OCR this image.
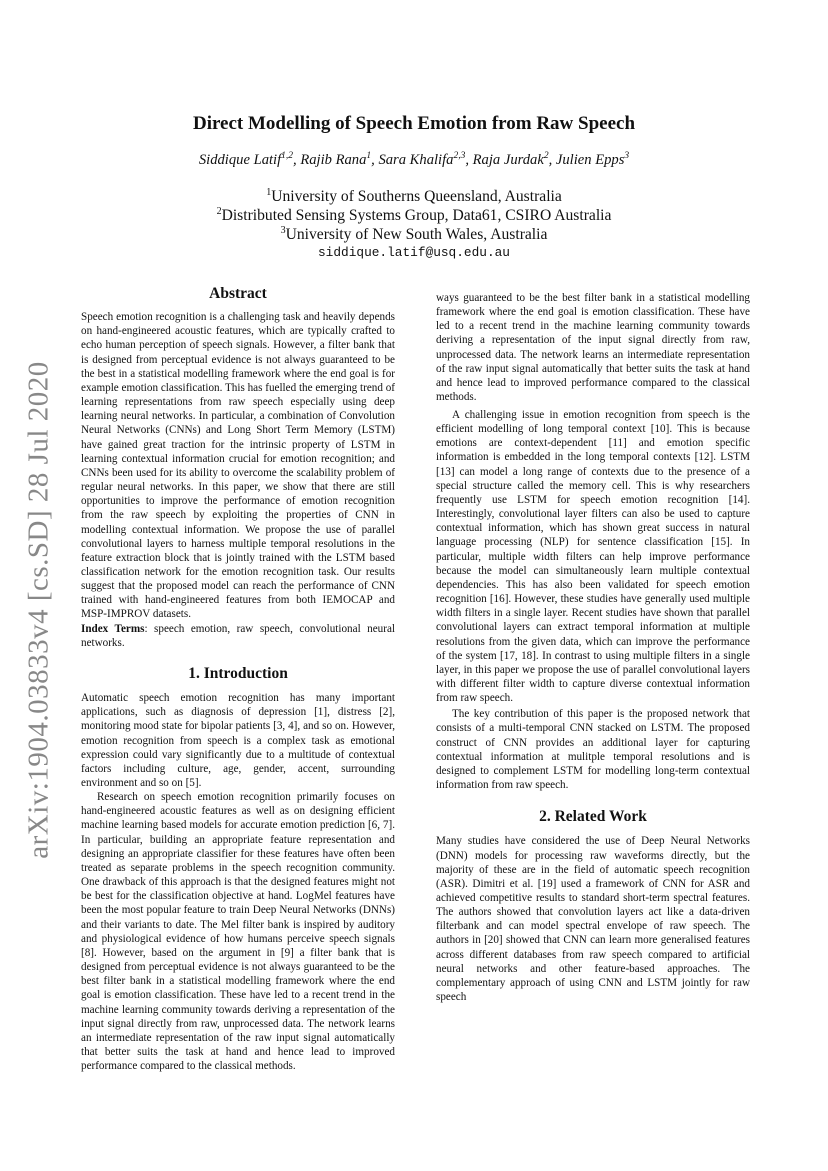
arXiv:1904.03833v4 [cs.SD] 28 Jul 2020
Direct Modelling of Speech Emotion from Raw Speech
Siddique Latif$^{1,2}$, Rajib Rana$^1$, Sara Khalifa$^{2,3}$, Raja Jurdak$^2$, Julien Epps$^3$
$^1$University of Southerns Queensland, Australia
$^2$Distributed Sensing Systems Group, Data61, CSIRO Australia
$^3$University of New South Wales, Australia
siddique.latif@usq.edu.au

Abstract

Speech emotion recognition is a challenging task and heavily depends on hand-engineered acoustic features, which are typically crafted to echo human perception of speech signals. However, a filter bank that is designed from perceptual evidence is not always guaranteed to be the best in a statistical modelling framework where the end goal is for example emotion classification. This has fuelled the emerging trend of learning representations from raw speech especially using deep learning neural networks. In particular, a combination of Convolution Neural Networks (CNNs) and Long Short Term Memory (LSTM) have gained great traction for the intrinsic property of LSTM in learning contextual information crucial for emotion recognition; and CNNs been used for its ability to overcome the scalability problem of regular neural networks. In this paper, we show that there are still opportunities to improve the performance of emotion recognition from the raw speech by exploiting the properties of CNN in modelling contextual information. We propose the use of parallel convolutional layers to harness multiple temporal resolutions in the feature extraction block that is jointly trained with the LSTM based classification network for the emotion recognition task. Our results suggest that the proposed model can reach the performance of CNN trained with hand-engineered features from both IEMOCAP and MSP-IMPROV datasets.

Index Terms: speech emotion, raw speech, convolutional neural networks.

1. Introduction

Automatic speech emotion recognition has many important applications, such as diagnosis of depression [1], distress [2], monitoring mood state for bipolar patients [3, 4], and so on. However, emotion recognition from speech is a complex task as emotional expression could vary significantly due to a multitude of contextual factors including culture, age, gender, accent, surrounding environment and so on [5].

Research on speech emotion recognition primarily focuses on hand-engineered acoustic features as well as on designing efficient machine learning based models for accurate emotion prediction [6, 7]. In particular, building an appropriate feature representation and designing an appropriate classifier for these features have often been treated as separate problems in the speech recognition community. One drawback of this approach is that the designed features might not be best for the classification objective at hand. LogMel features have been the most popular feature to train Deep Neural Networks (DNNs) and their variants to date. The Mel filter bank is inspired by auditory and physiological evidence of how humans perceive speech signals [8]. However, based on the argument in [9] a filter bank that is designed from perceptual evidence is not always guaranteed to be the best filter bank in a statistical modelling framework where the end goal is emotion classification. These have led to a recent trend in the machine learning community towards deriving a representation of the input signal directly from raw, unprocessed data. The network learns an intermediate representation of the raw input signal automatically that better suits the task at hand and hence lead to improved performance compared to the classical methods.

ways guaranteed to be the best filter bank in a statistical modelling framework where the end goal is emotion classification. These have led to a recent trend in the machine learning community towards deriving a representation of the input signal directly from raw, unprocessed data. The network learns an intermediate representation of the raw input signal automatically that better suits the task at hand and hence lead to improved performance compared to the classical methods.

A challenging issue in emotion recognition from speech is the efficient modelling of long temporal context [10]. This is because emotions are context-dependent [11] and emotion specific information is embedded in the long temporal contexts [12]. LSTM [13] can model a long range of contexts due to the presence of a special structure called the memory cell. This is why researchers frequently use LSTM for speech emotion recognition [14]. Interestingly, convolutional layer filters can also be used to capture contextual information, which has shown great success in natural language processing (NLP) for sentence classification [15]. In particular, multiple width filters can help improve performance because the model can simultaneously learn multiple contextual dependencies. This has also been validated for speech emotion recognition [16]. However, these studies have generally used multiple width filters in a single layer. Recent studies have shown that parallel convolutional layers can extract temporal information at multiple resolutions from the given data, which can improve the performance of the system [17, 18]. In contrast to using multiple filters in a single layer, in this paper we propose the use of parallel convolutional layers with different filter width to capture diverse contextual information from raw speech.

The key contribution of this paper is the proposed network that consists of a multi-temporal CNN stacked on LSTM. The proposed construct of CNN provides an additional layer for capturing contextual information at mulitple temporal resolutions and is designed to complement LSTM for modelling long-term contextual information from raw speech.

2. Related Work

Many studies have considered the use of Deep Neural Networks (DNN) models for processing raw waveforms directly, but the majority of these are in the field of automatic speech recognition (ASR). Dimitri et al. [19] used a framework of CNN for ASR and achieved competitive results to standard short-term spectral features. The authors showed that convolution layers act like a data-driven filterbank and can model spectral envelope of raw speech. The authors in [20] showed that CNN can learn more generalised features across different databases from raw speech compared to artificial neural networks and other feature-based approaches. The complementary approach of using CNN and LSTM jointly for raw speech
